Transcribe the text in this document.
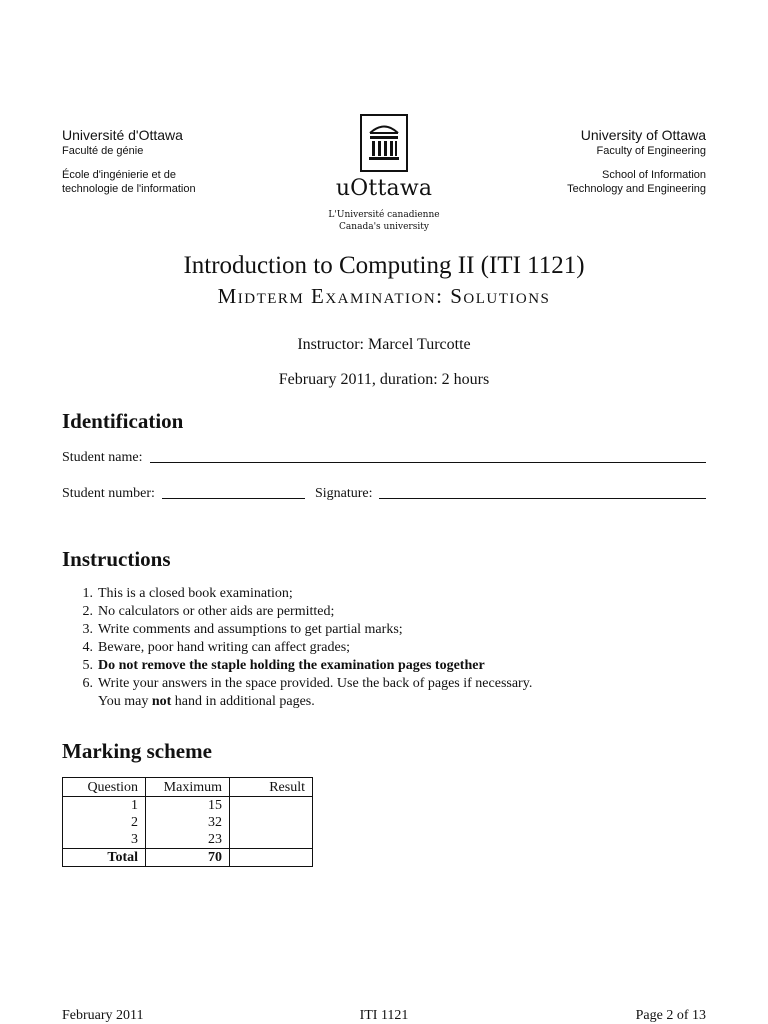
Université d'Ottawa
Faculté de génie
École d'ingénierie et de
technologie de l'information	uOttawa
L'Université canadienne
Canada's university
University of Ottawa
Faculty of Engineering
School of Information
Technology and Engineering
Introduction to Computing II (ITI 1121)
Midterm Examination: Solutions
Instructor: Marcel Turcotte
February 2011, duration: 2 hours
Identification
Student name:
Student number:	Signature:
Instructions
1. This is a closed book examination;
2. No calculators or other aids are permitted;
3. Write comments and assumptions to get partial marks;
4. Beware, poor hand writing can affect grades;
5. Do not remove the staple holding the examination pages together
6. Write your answers in the space provided. Use the back of pages if necessary.
You may not hand in additional pages.
Marking scheme
Question	Maximum	Result
1	15	
2	32	
3	23	
Total	70	
February 2011	ITI 1121	Page 2 of 13
